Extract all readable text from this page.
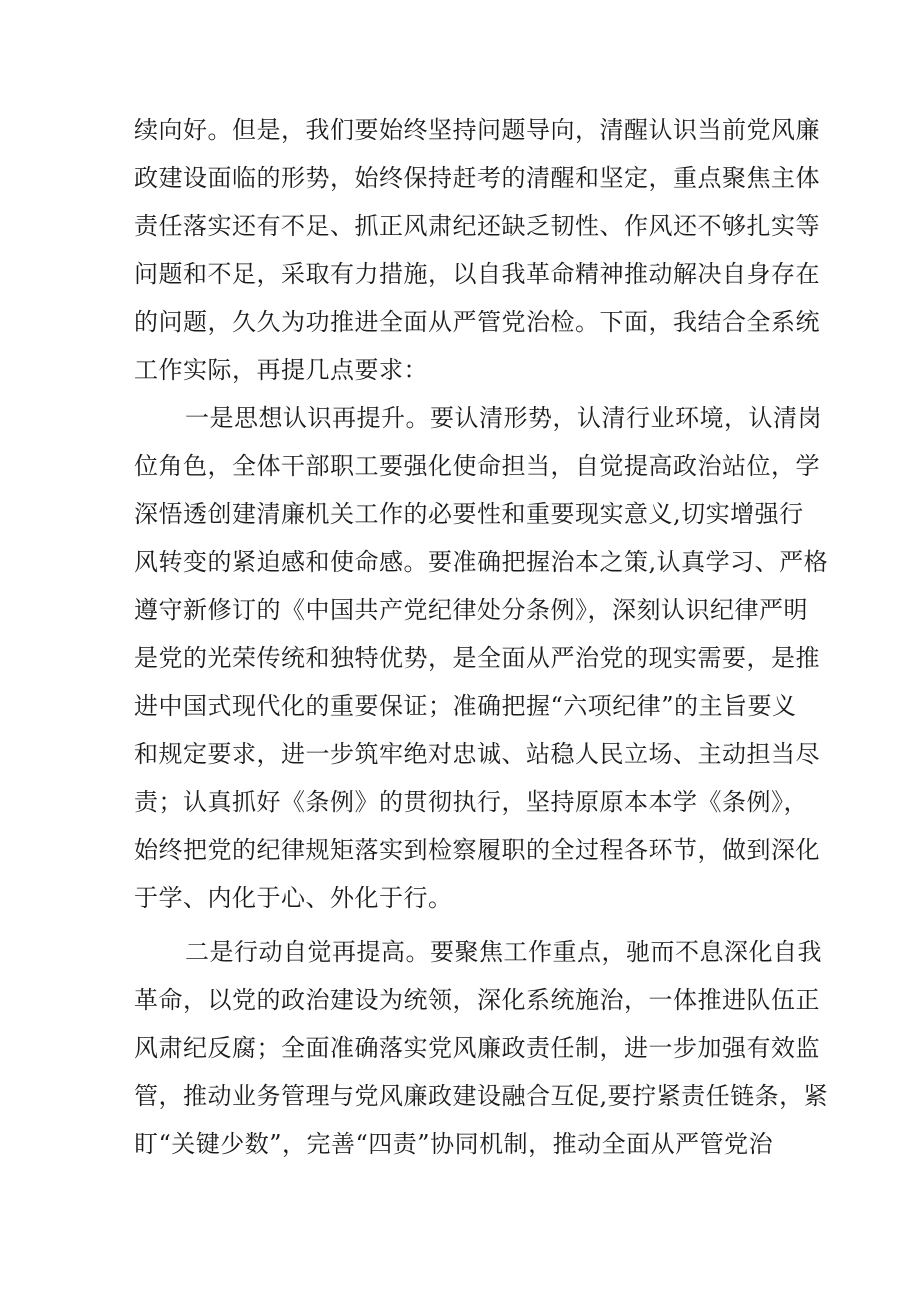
续向好。但是，我们要始终坚持问题导向，清醒认识当前党风廉
政建设面临的形势，始终保持赶考的清醒和坚定，重点聚焦主体
责任落实还有不足、抓正风肃纪还缺乏韧性、作风还不够扎实等
问题和不足，采取有力措施，以自我革命精神推动解决自身存在
的问题，久久为功推进全面从严管党治检。下面，我结合全系统
工作实际，再提几点要求：
一是思想认识再提升。要认清形势，认清行业环境，认清岗
位角色，全体干部职工要强化使命担当，自觉提高政治站位，学
深悟透创建清廉机关工作的必要性和重要现实意义,切实增强行
风转变的紧迫感和使命感。要准确把握治本之策,认真学习、严格
遵守新修订的《中国共产党纪律处分条例》，深刻认识纪律严明
是党的光荣传统和独特优势，是全面从严治党的现实需要，是推
进中国式现代化的重要保证；准确把握“六项纪律”的主旨要义
和规定要求，进一步筑牢绝对忠诚、站稳人民立场、主动担当尽
责；认真抓好《条例》的贯彻执行，坚持原原本本学《条例》，
始终把党的纪律规矩落实到检察履职的全过程各环节，做到深化
于学、内化于心、外化于行。
二是行动自觉再提高。要聚焦工作重点，驰而不息深化自我
革命，以党的政治建设为统领，深化系统施治，一体推进队伍正
风肃纪反腐；全面准确落实党风廉政责任制，进一步加强有效监
管，推动业务管理与党风廉政建设融合互促,要拧紧责任链条，紧
盯“关键少数”，完善“四责”协同机制，推动全面从严管党治
